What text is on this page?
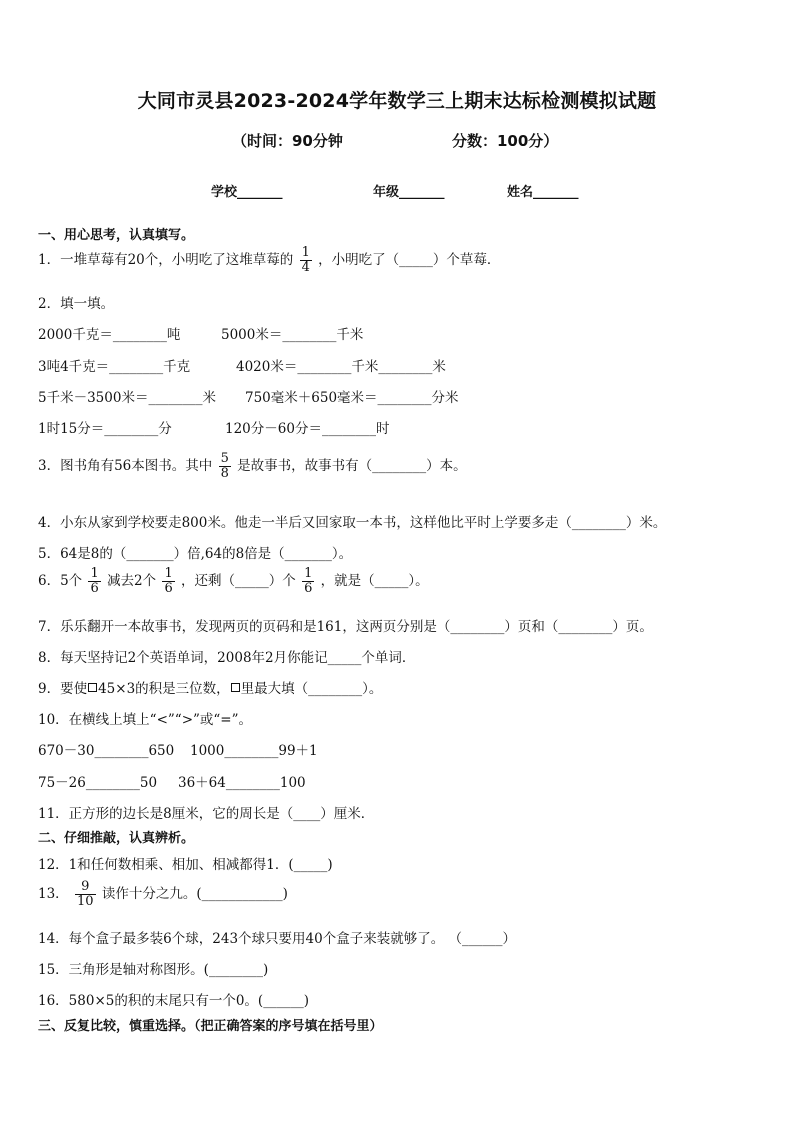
大同市灵县2023-2024学年数学三上期末达标检测模拟试题
（时间：90分钟	分数：100分）
学校_______	年级_______	姓名_______
一、用心思考，认真填写。
1．一堆草莓有20个，小明吃了这堆草莓的 $\frac{1}{4}$ ，小明吃了（_____）个草莓．
2．填一填。
2000千克＝________吨	5000米＝________千米
3吨4千克＝________千克	4020米＝________千米________米
5千米－3500米＝________米 750毫米＋650毫米＝________分米
1时15分＝________分	120分－60分＝________时
3．图书角有56本图书。其中 $\frac{5}{8}$ 是故事书，故事书有（________）本。
4．小东从家到学校要走800米。他走一半后又回家取一本书，这样他比平时上学要多走（________）米。
5．64是8的（_______）倍,64的8倍是（_______）。
6．5个 $\frac{1}{6}$ 减去2个 $\frac{1}{6}$ ，还剩（_____）个 $\frac{1}{6}$ ，就是（_____）。
7．乐乐翻开一本故事书，发现两页的页码和是161，这两页分别是（________）页和（________）页。
8．每天坚持记2个英语单词，2008年2月你能记_____个单词．
9．要使 45×3的积是三位数， 里最大填（________）。
10．在横线上填上“<”“>”或“=”。
670－30________650 1000________99＋1
75－26________50 36＋64________100
11．正方形的边长是8厘米，它的周长是（____）厘米．
二、仔细推敲，认真辨析。
12．1和任何数相乘、相加、相减都得1．(_____)
13． $\frac{9}{10}$ 读作十分之九。(____________)
14．每个盒子最多装6个球，243个球只要用40个盒子来装就够了。 （______）
15．三角形是轴对称图形。(________)
16．580×5的积的末尾只有一个0。(______)
三、反复比较，慎重选择。（把正确答案的序号填在括号里）
